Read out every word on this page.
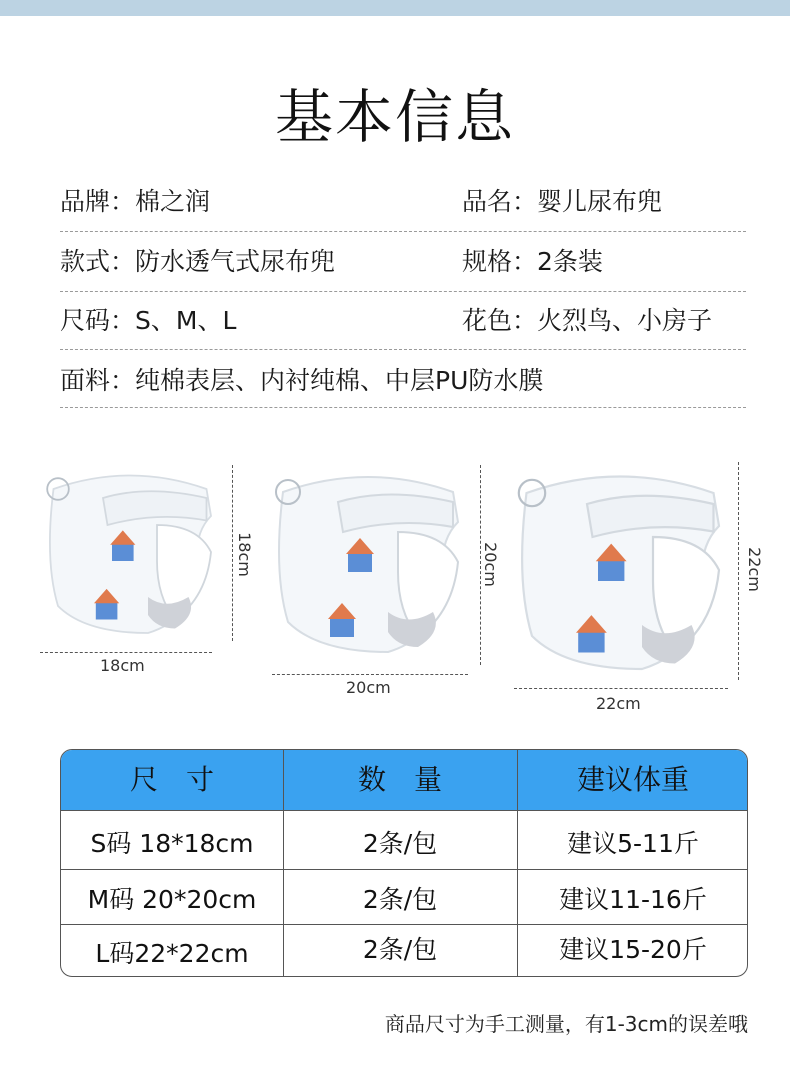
基本信息
品牌：棉之润	品名：婴儿尿布兜
款式：防水透气式尿布兜	规格：2条装
尺码：S、M、L	花色：火烈鸟、小房子
面料：纯棉表层、内衬纯棉、中层PU防水膜
18cm
18cm
20cm
20cm
22cm
22cm
尺　寸	数　量	建议体重
S码 18*18cm	2条/包	建议5-11斤
M码 20*20cm	2条/包	建议11-16斤
L码22*22cm	2条/包	建议15-20斤
商品尺寸为手工测量，有1-3cm的误差哦
